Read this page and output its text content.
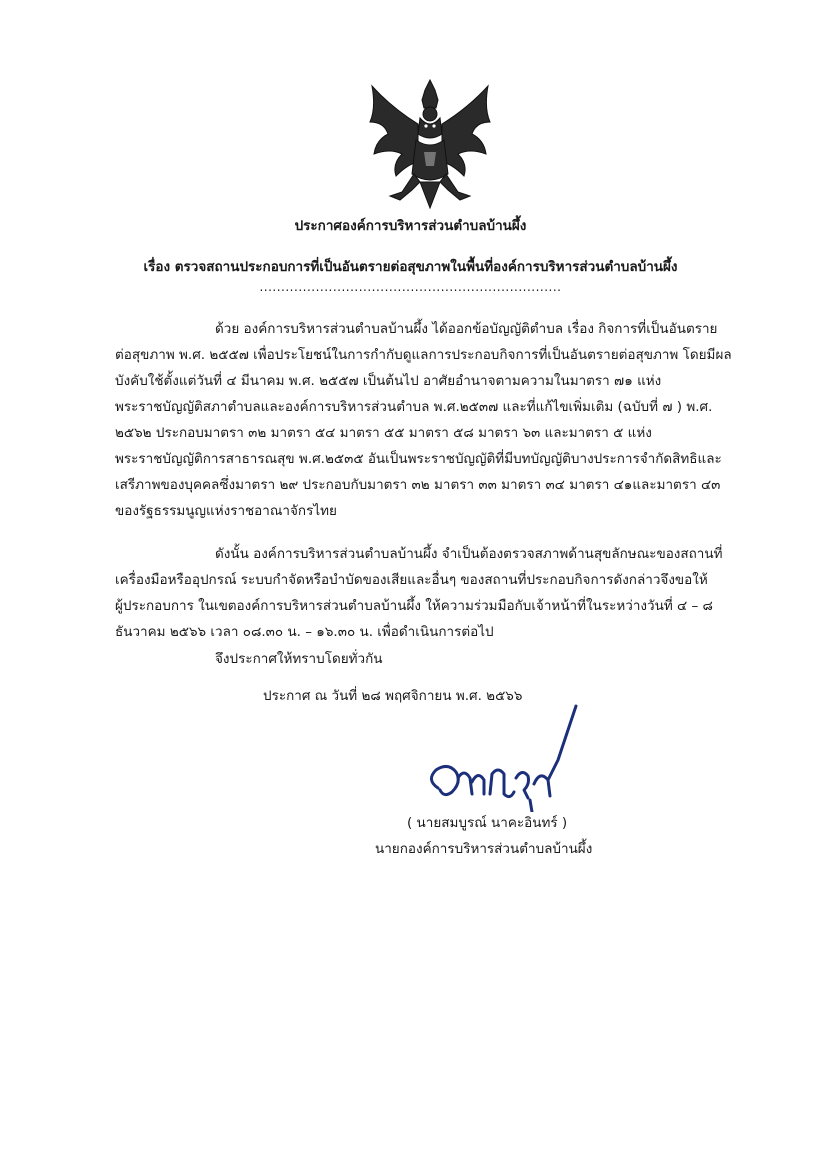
ประกาศองค์การบริหารส่วนตำบลบ้านผึ้ง
เรื่อง ตรวจสถานประกอบการที่เป็นอันตรายต่อสุขภาพในพื้นที่องค์การบริหารส่วนตำบลบ้านผึ้ง
......................................................................
ด้วย องค์การบริหารส่วนตำบลบ้านผึ้ง ได้ออกข้อบัญญัติตำบล เรื่อง กิจการที่เป็นอันตราย
ต่อสุขภาพ พ.ศ. ๒๕๕๗ เพื่อประโยชน์ในการกำกับดูแลการประกอบกิจการที่เป็นอันตรายต่อสุขภาพ โดยมีผล
บังคับใช้ตั้งแต่วันที่ ๔ มีนาคม พ.ศ. ๒๕๕๗ เป็นต้นไป อาศัยอำนาจตามความในมาตรา ๗๑ แห่ง
พระราชบัญญัติสภาตำบลและองค์การบริหารส่วนตำบล พ.ศ.๒๕๓๗ และที่แก้ไขเพิ่มเติม (ฉบับที่ ๗ ) พ.ศ.
๒๕๖๒ ประกอบมาตรา ๓๒ มาตรา ๕๔ มาตรา ๕๕ มาตรา ๕๘ มาตรา ๖๓ และมาตรา ๕ แห่ง
พระราชบัญญัติการสาธารณสุข พ.ศ.๒๕๓๕ อันเป็นพระราชบัญญัติที่มีบทบัญญัติบางประการจำกัดสิทธิและ
เสรีภาพของบุคคลซึ่งมาตรา ๒๙ ประกอบกับมาตรา ๓๒ มาตรา ๓๓ มาตรา ๓๔ มาตรา ๔๑และมาตรา ๔๓
ของรัฐธรรมนูญแห่งราชอาณาจักรไทย
ดังนั้น องค์การบริหารส่วนตำบลบ้านผึ้ง จำเป็นต้องตรวจสภาพด้านสุขลักษณะของสถานที่
เครื่องมือหรืออุปกรณ์ ระบบกำจัดหรือบำบัดของเสียและอื่นๆ ของสถานที่ประกอบกิจการดังกล่าวจึงขอให้
ผู้ประกอบการ ในเขตองค์การบริหารส่วนตำบลบ้านผึ้ง ให้ความร่วมมือกับเจ้าหน้าที่ในระหว่างวันที่ ๔ – ๘
ธันวาคม ๒๕๖๖ เวลา ๐๘.๓๐ น. – ๑๖.๓๐ น. เพื่อดำเนินการต่อไป
จึงประกาศให้ทราบโดยทั่วกัน
ประกาศ ณ วันที่ ๒๘ พฤศจิกายน พ.ศ. ๒๕๖๖
( นายสมบูรณ์ นาคะอินทร์ )
นายกองค์การบริหารส่วนตำบลบ้านผึ้ง
